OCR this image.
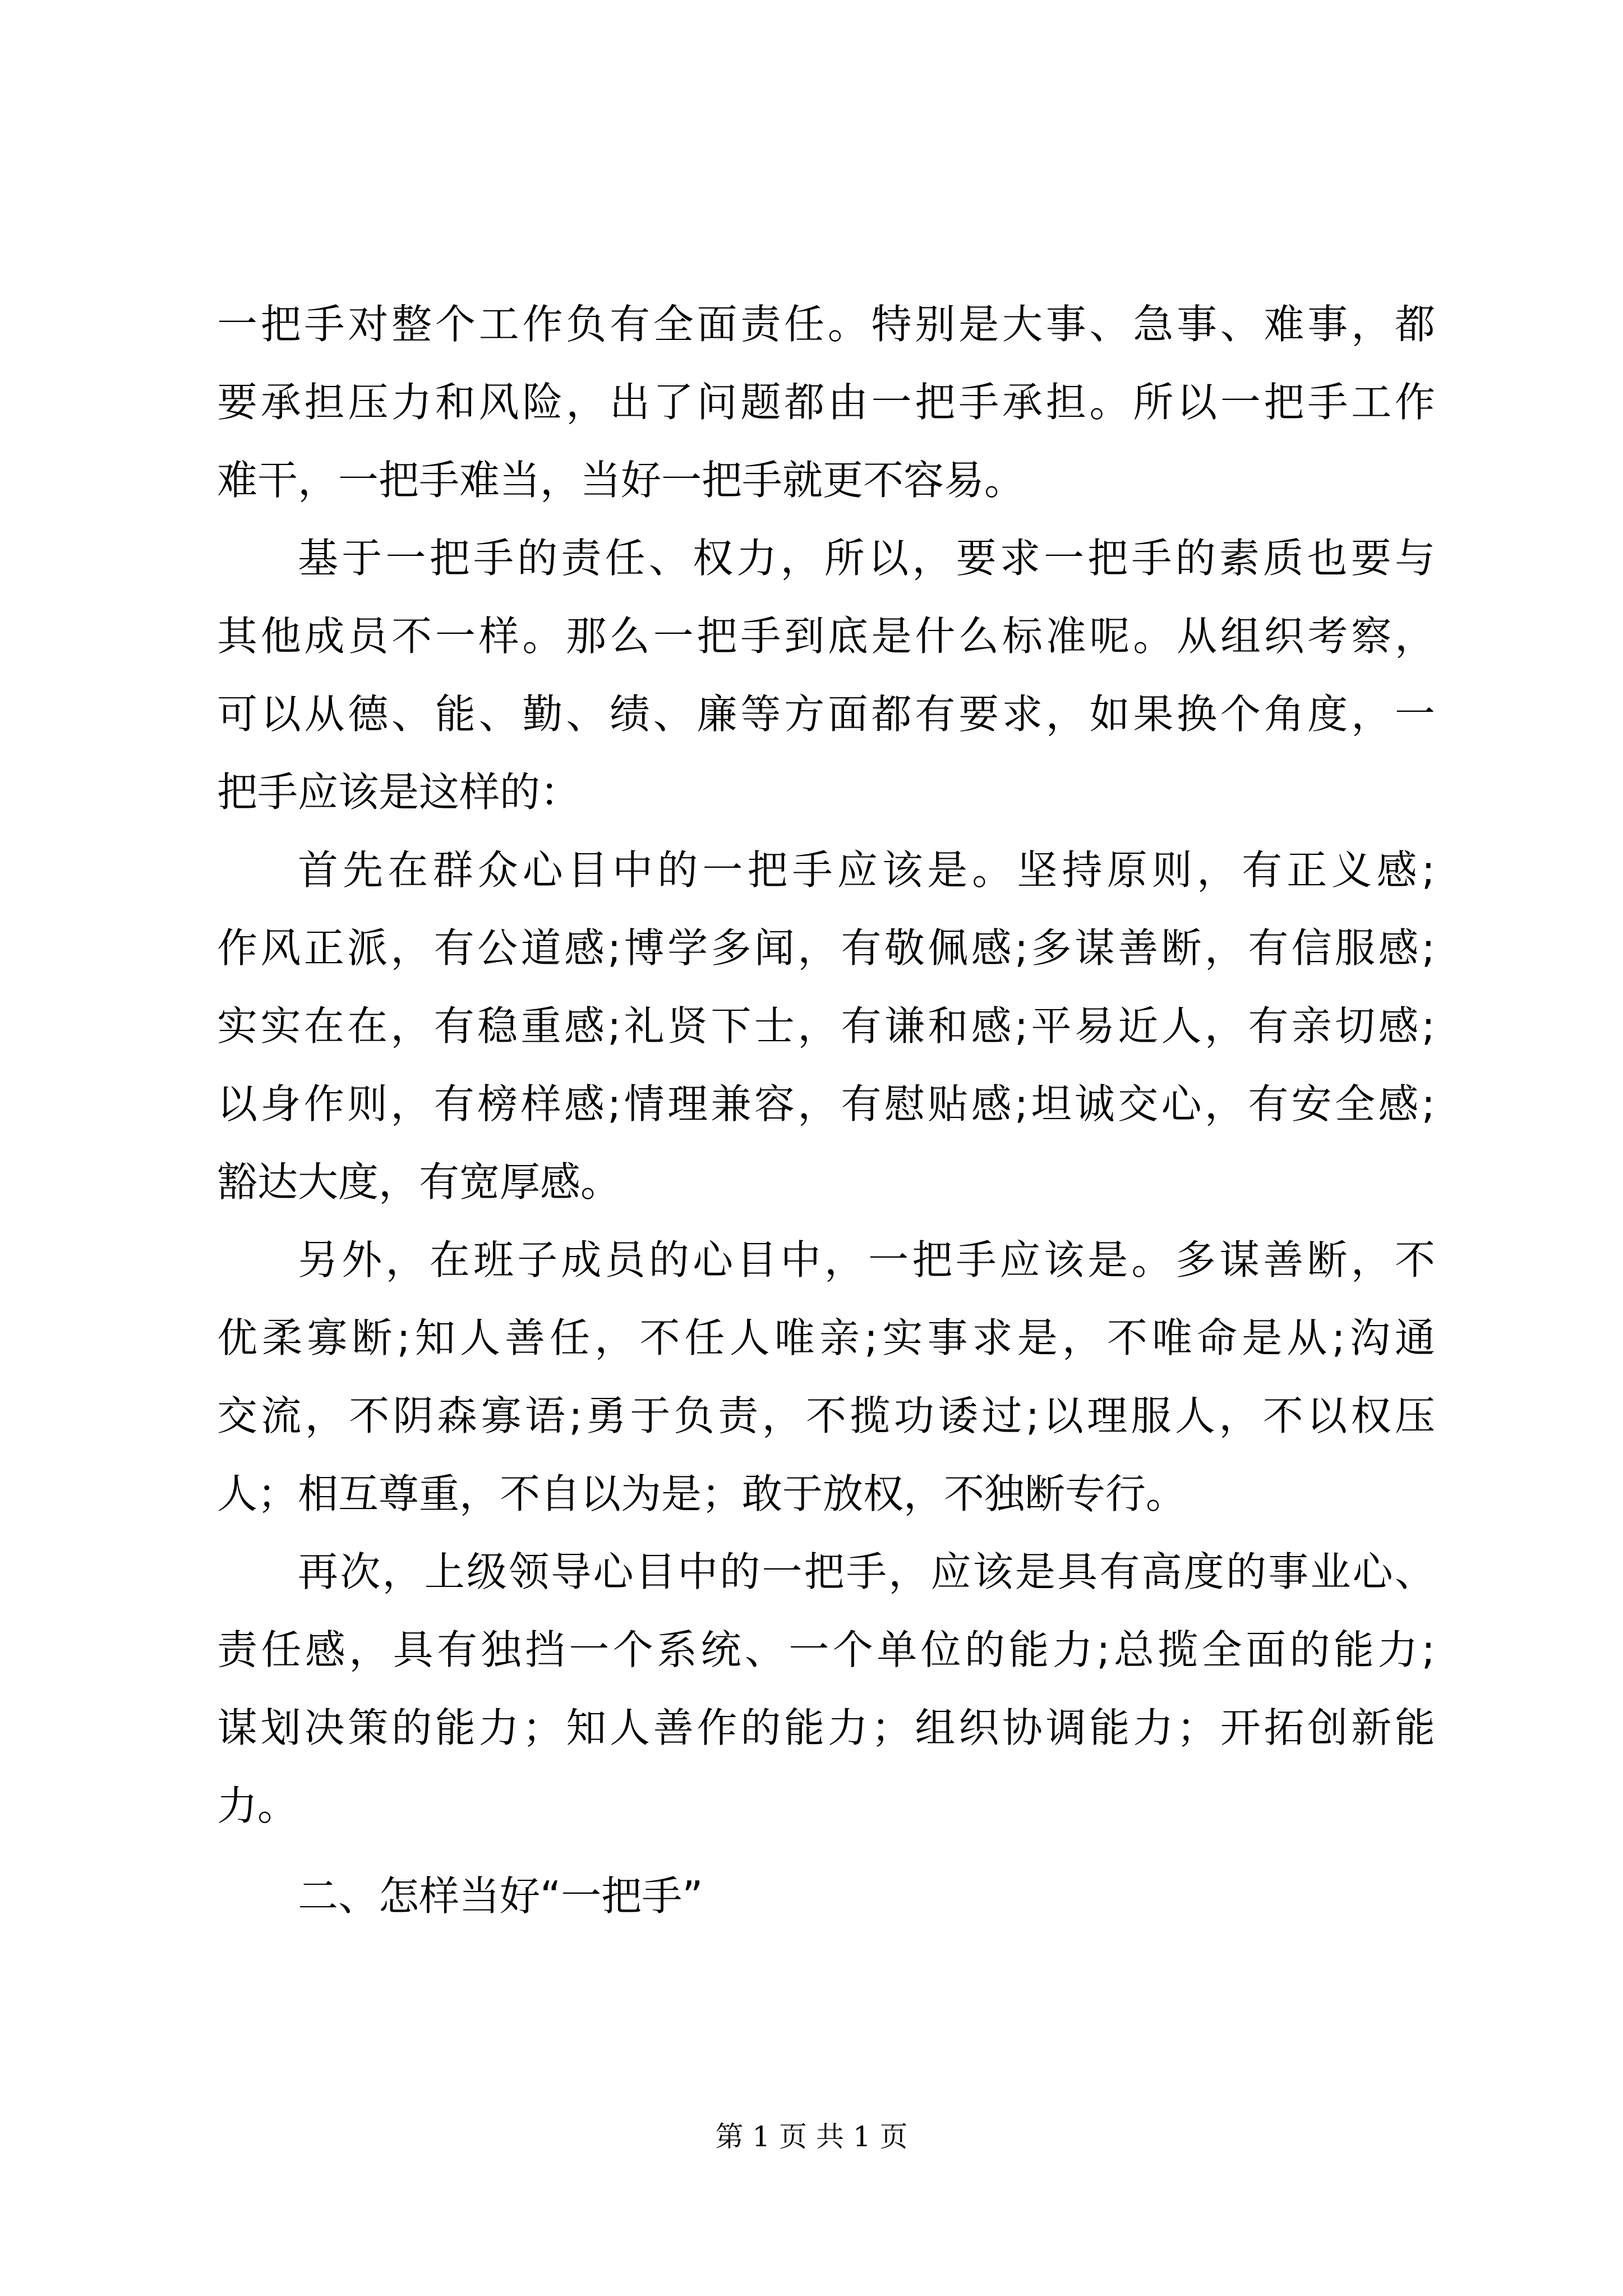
一把手对整个工作负有全面责任。特别是大事、急事、难事，都
要承担压力和风险，出了问题都由一把手承担。所以一把手工作
难干，一把手难当，当好一把手就更不容易。
基于一把手的责任、权力，所以，要求一把手的素质也要与
其他成员不一样。那么一把手到底是什么标准呢。从组织考察，
可以从德、能、勤、绩、廉等方面都有要求，如果换个角度，一
把手应该是这样的：
首先在群众心目中的一把手应该是。坚持原则，有正义感;
作风正派，有公道感;博学多闻，有敬佩感;多谋善断，有信服感;
实实在在，有稳重感;礼贤下士，有谦和感;平易近人，有亲切感;
以身作则，有榜样感;情理兼容，有慰贴感;坦诚交心，有安全感;
豁达大度，有宽厚感。
另外，在班子成员的心目中，一把手应该是。多谋善断，不
优柔寡断;知人善任，不任人唯亲;实事求是，不唯命是从;沟通
交流，不阴森寡语;勇于负责，不揽功诿过;以理服人，不以权压
人；相互尊重，不自以为是；敢于放权，不独断专行。
再次，上级领导心目中的一把手，应该是具有高度的事业心、
责任感，具有独挡一个系统、一个单位的能力;总揽全面的能力;
谋划决策的能力；知人善作的能力；组织协调能力；开拓创新能
力。
二、怎样当好“一把手”
第 1 页 共 1 页
